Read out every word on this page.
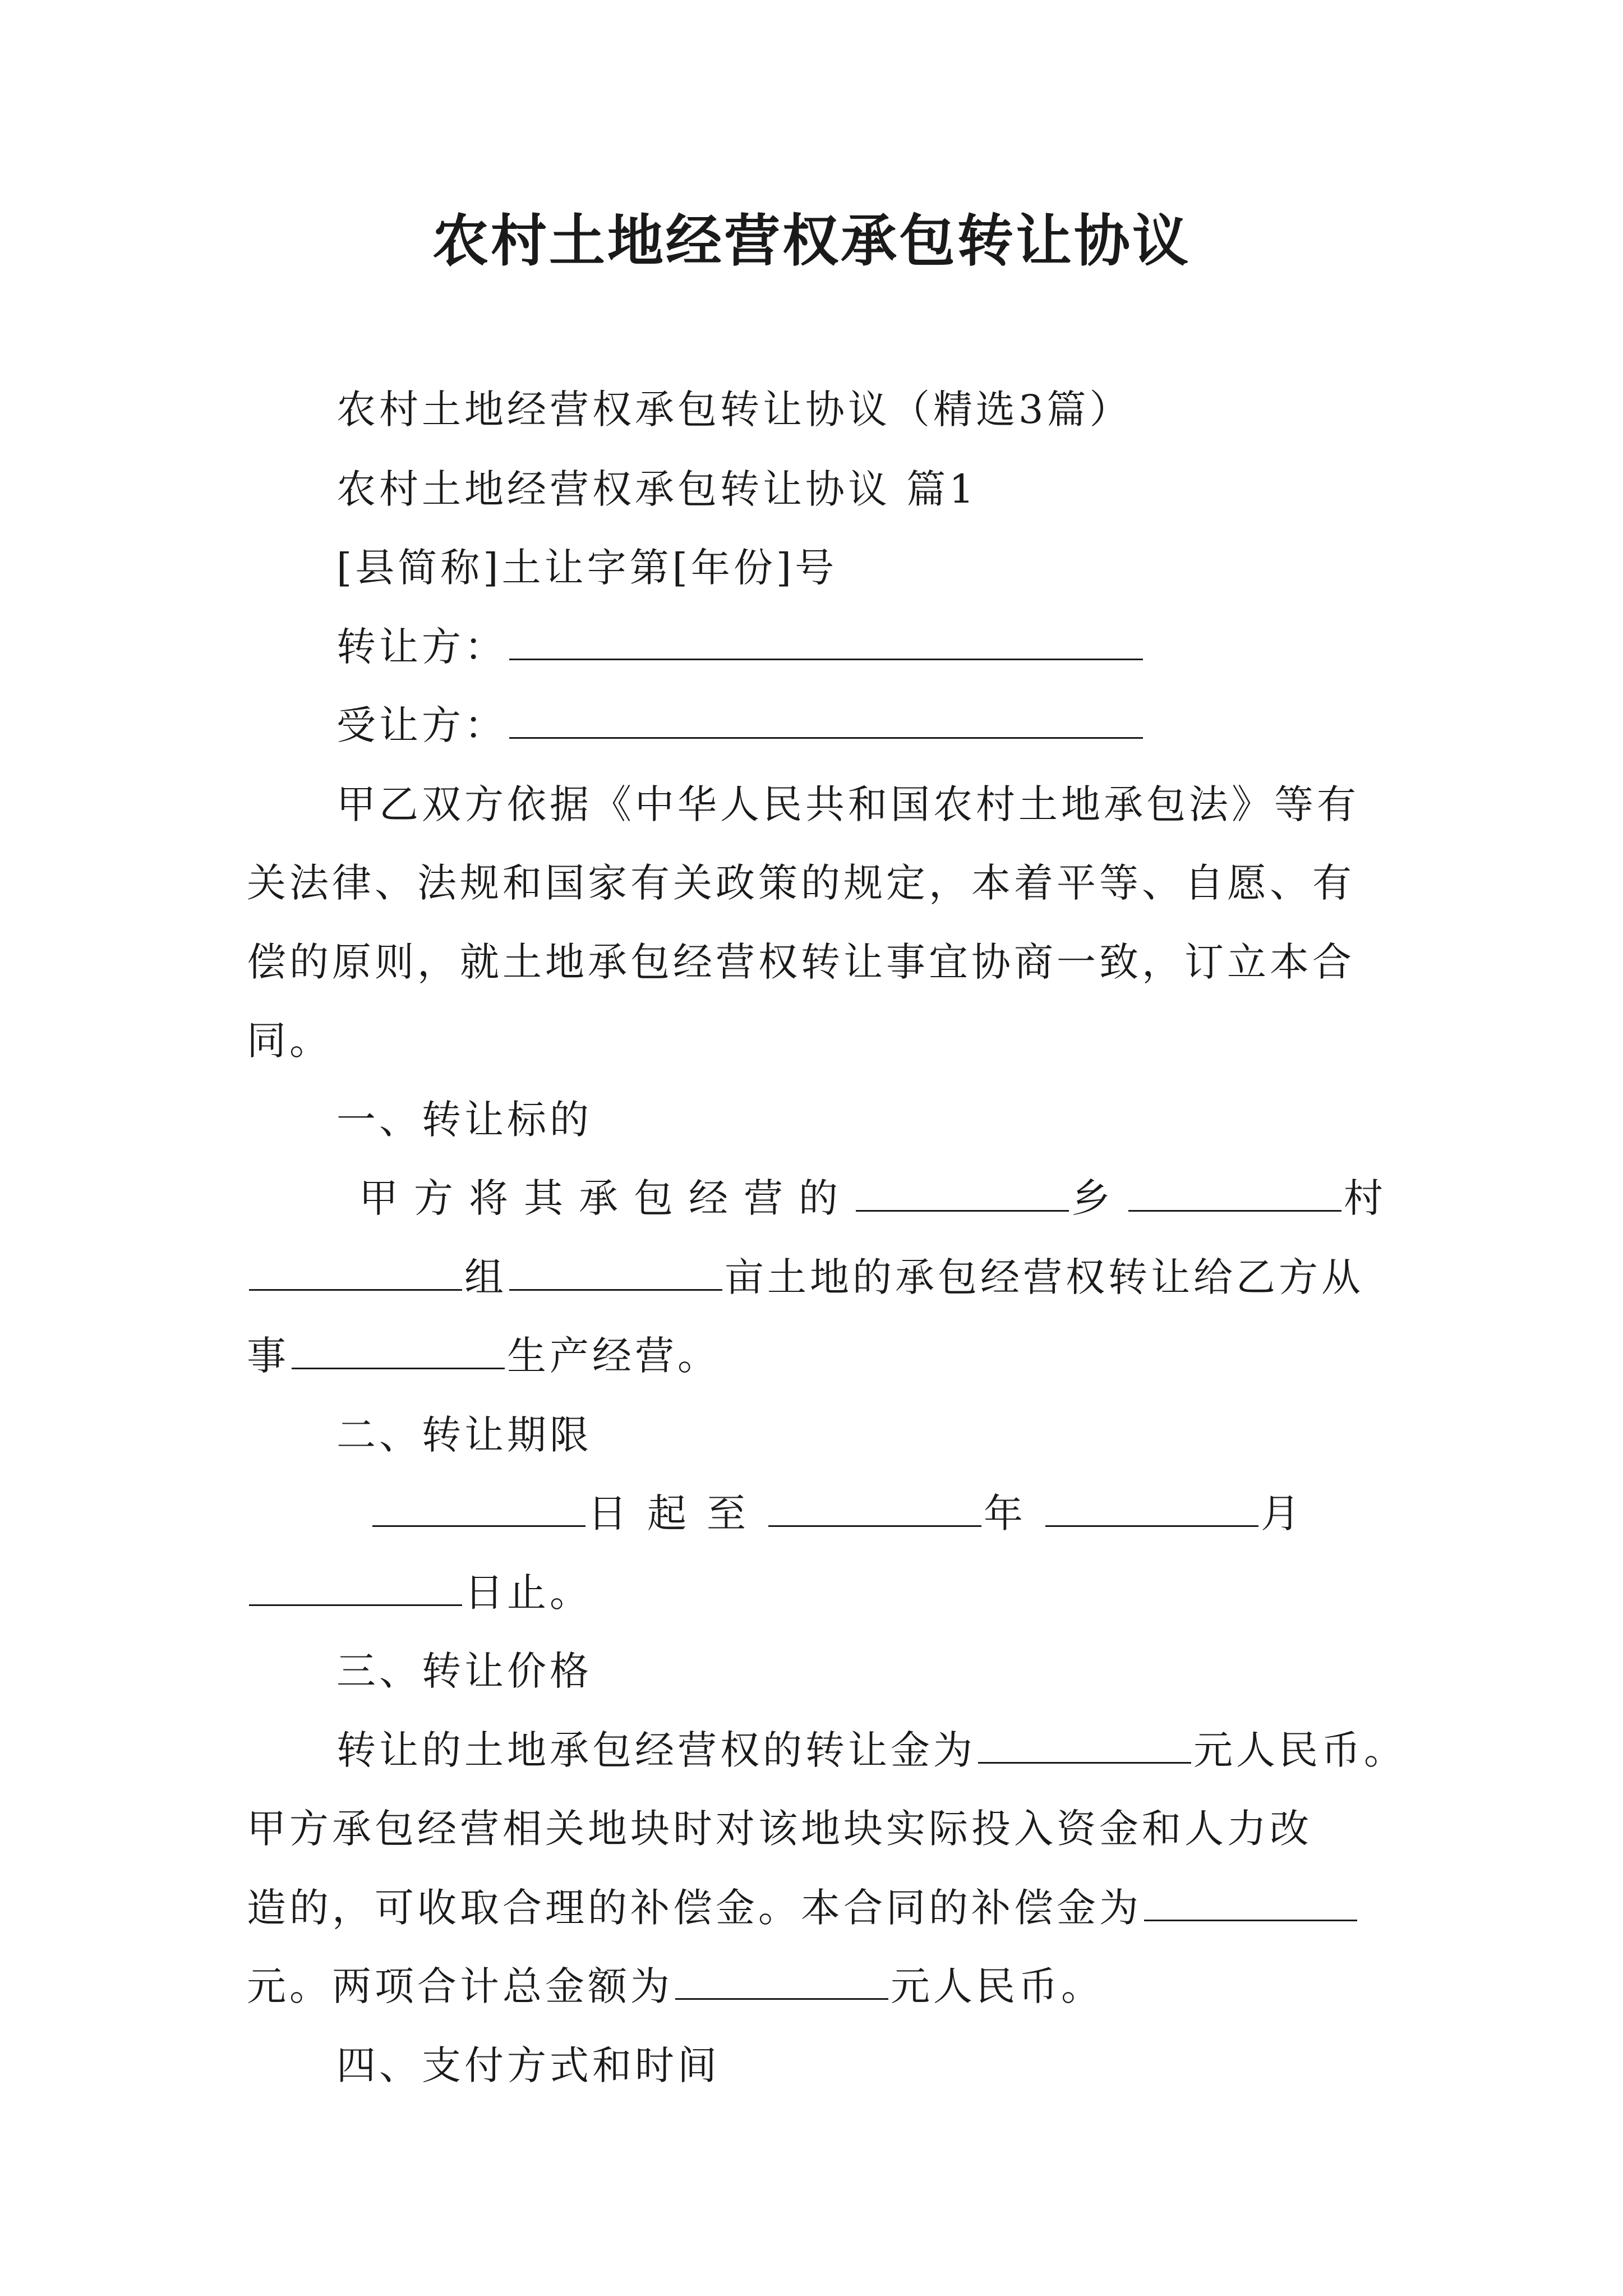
农村土地经营权承包转让协议

农村土地经营权承包转让协议（精选3篇）

农村土地经营权承包转让协议 篇1

[县简称]土让字第[年份]号

转让方：

受让方：

甲乙双方依据《中华人民共和国农村土地承包法》等有

关法律、法规和国家有关政策的规定，本着平等、自愿、有

偿的原则，就土地承包经营权转让事宜协商一致，订立本合

同。

一、转让标的

甲方将其承包经营的	乡	村

组	亩土地的承包经营权转让给乙方从

事	生产经营。

二、转让期限

日起至	年	月

日止。

三、转让价格

转让的土地承包经营权的转让金为	元人民币。

甲方承包经营相关地块时对该地块实际投入资金和人力改

造的，可收取合理的补偿金。本合同的补偿金为

元。两项合计总金额为	元人民币。

四、支付方式和时间
